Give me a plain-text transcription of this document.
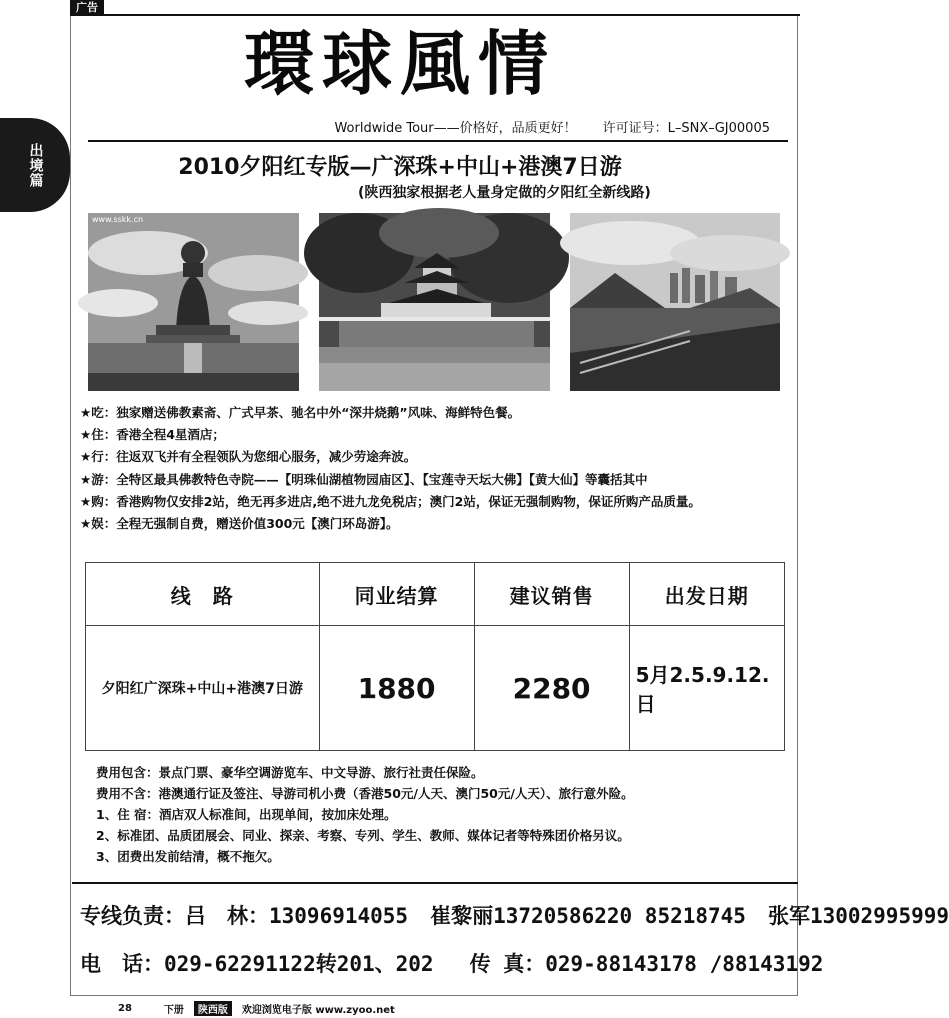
广告
出境篇
環球風情
Worldwide Tour——价格好，品质更好！ 许可证号：L–SNX–GJ00005
2010夕阳红专版—广深珠+中山+港澳7日游
(陕西独家根据老人量身定做的夕阳红全新线路)
www.sskk.cn
★吃：独家赠送佛教素斋、广式早茶、驰名中外“深井烧鹅”风味、海鲜特色餐。
★住：香港全程4星酒店；
★行：往返双飞并有全程领队为您细心服务，减少劳途奔波。
★游：全特区最具佛教特色寺院——【明珠仙湖植物园庙区】、【宝莲寺天坛大佛】【黄大仙】等囊括其中
★购：香港购物仅安排2站，绝无再多进店,绝不进九龙免税店；澳门2站，保证无强制购物，保证所购产品质量。
★娱：全程无强制自费，赠送价值300元【澳门环岛游】。
线　路	同业结算	建议销售	出发日期
夕阳红广深珠+中山+港澳7日游	1880	2280	5月2.5.9.12.日
费用包含：景点门票、豪华空调游览车、中文导游、旅行社责任保险。
费用不含：港澳通行证及签注、导游司机小费（香港50元/人天、澳门50元/人天）、旅行意外险。
1、住 宿：酒店双人标准间，出现单间，按加床处理。
2、标准团、品质团展会、同业、探亲、考察、专列、学生、教师、媒体记者等特殊团价格另议。
3、团费出发前结清，概不拖欠。
专线负责：吕　林：13096914055 崔黎丽13720586220 85218745 张军13002995999
电　话：029-62291122转201、202 传 真：029-88143178 /88143192
28	下册	陕西版	欢迎浏览电子版 www.zyoo.net
